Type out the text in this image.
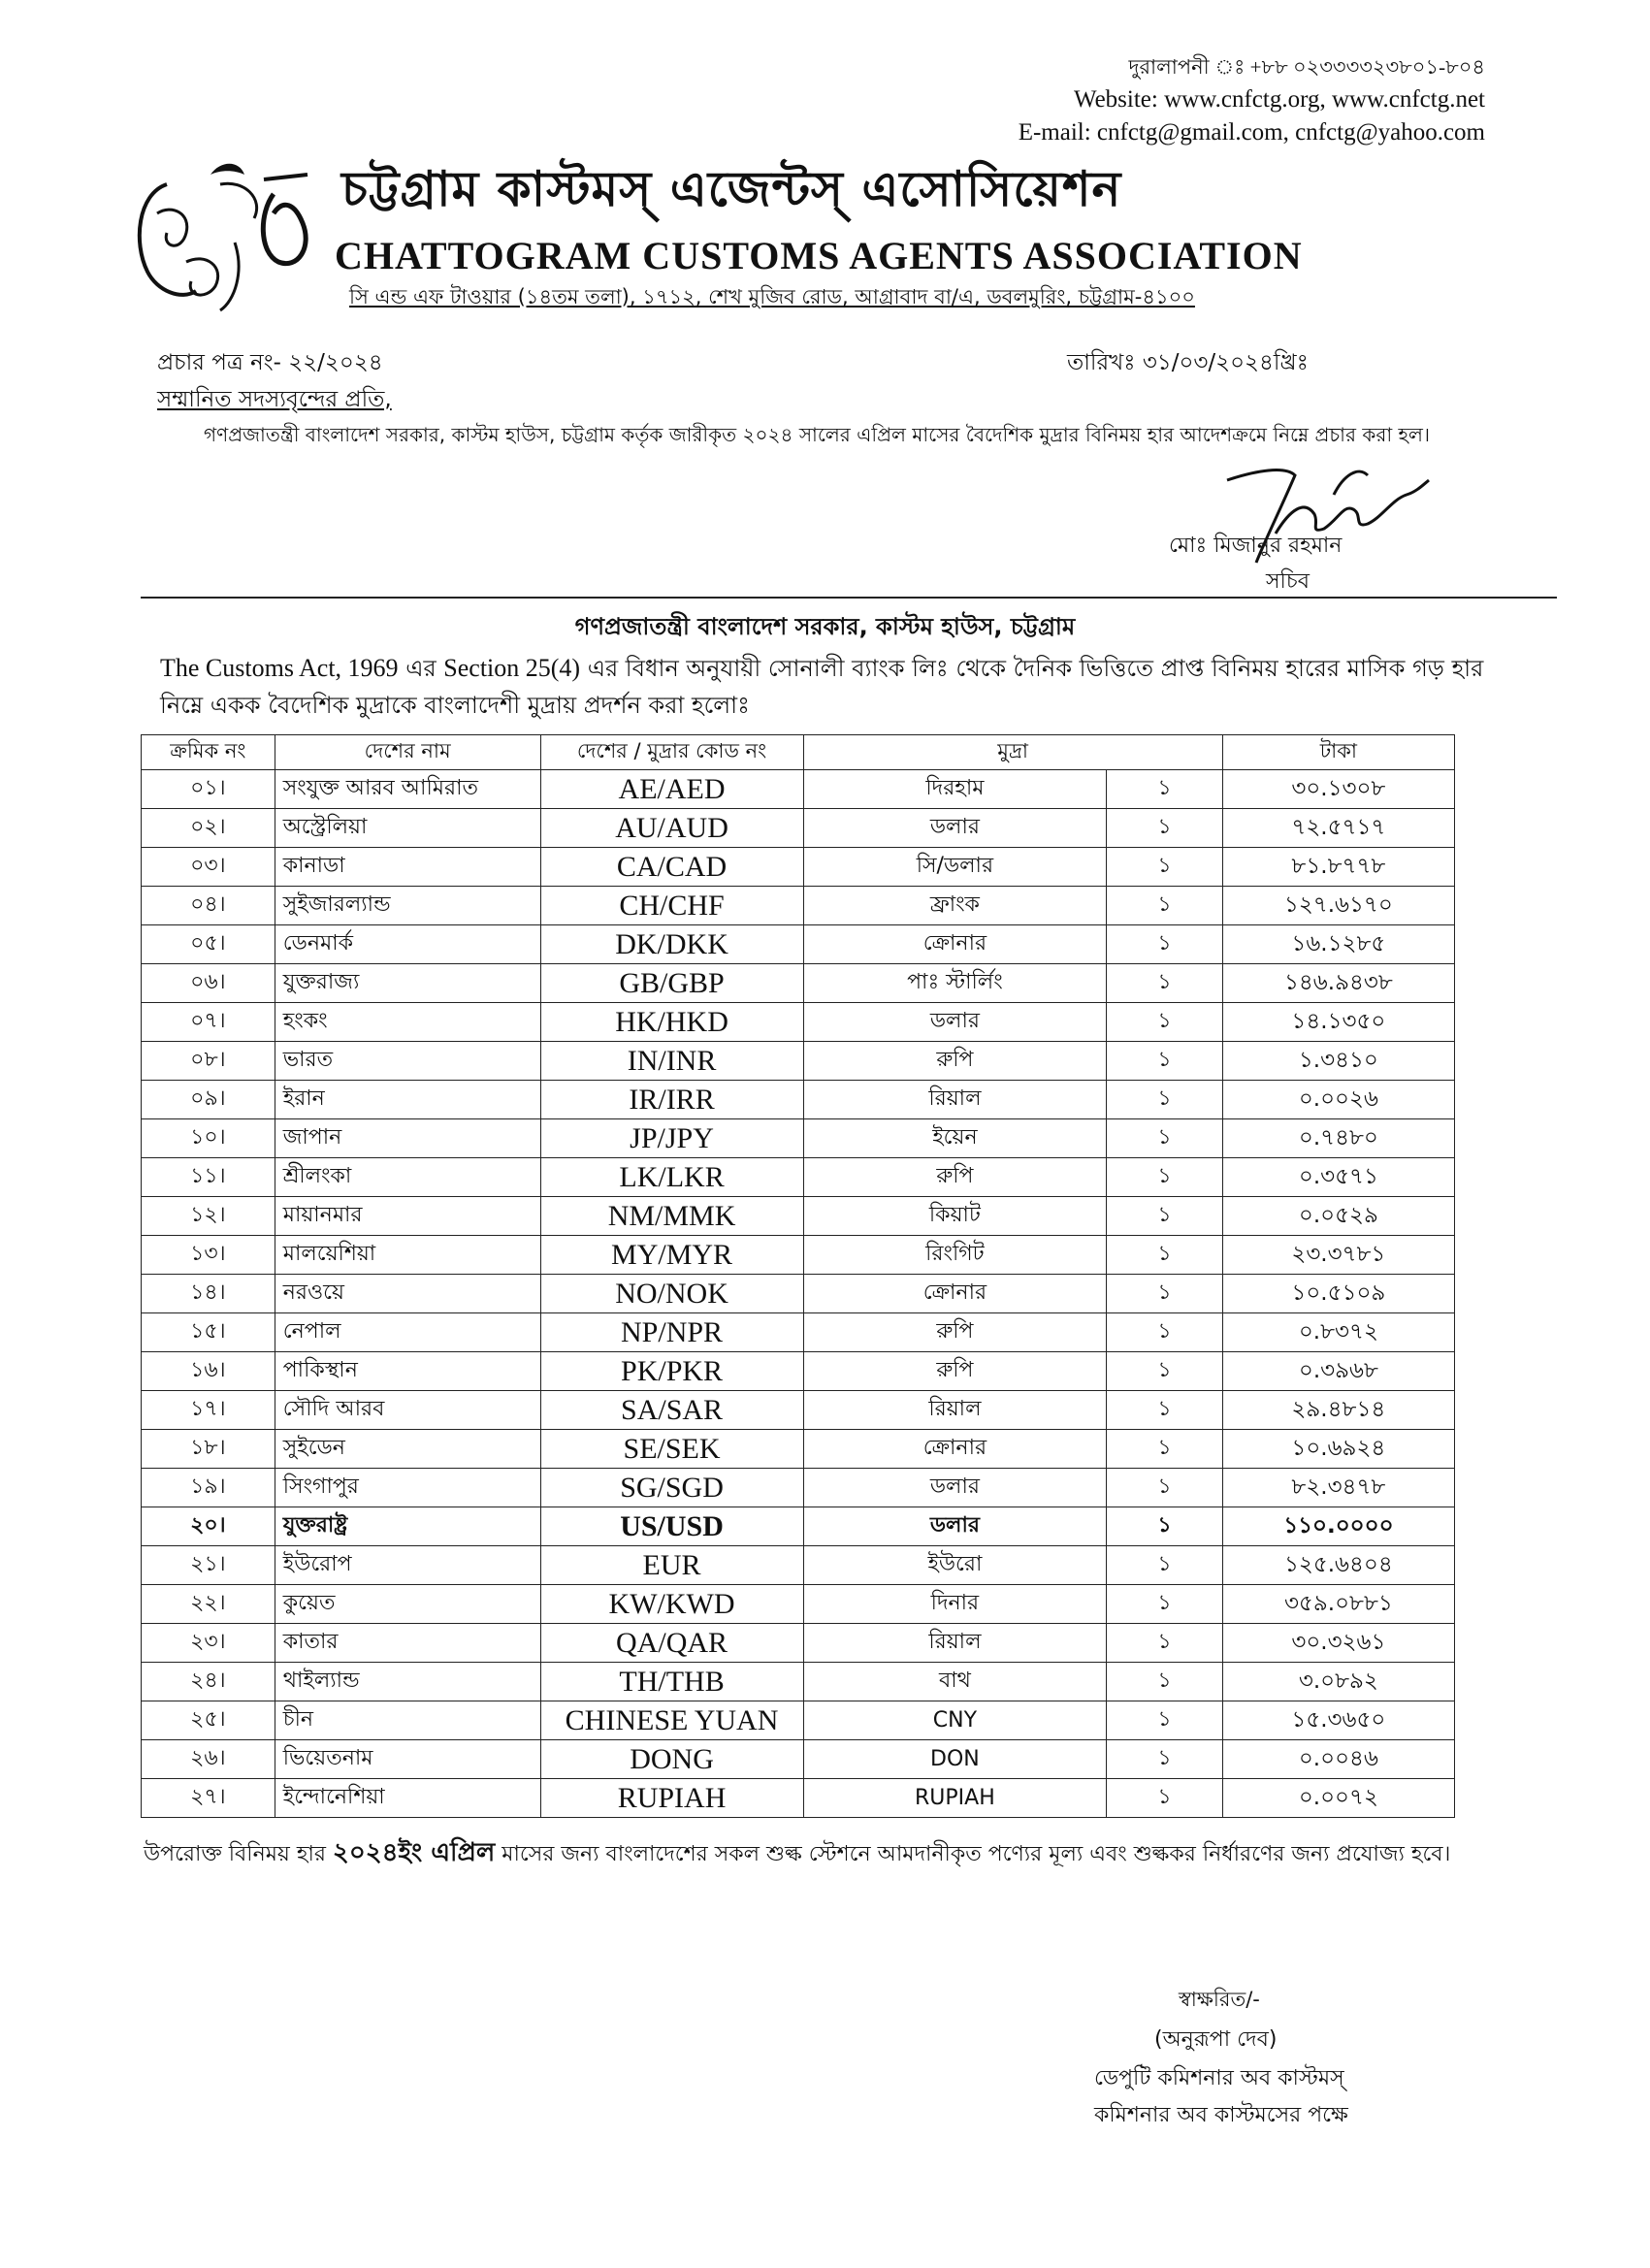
দুরালাপনী ঃ +৮৮ ০২৩৩৩৩২৩৮০১-৮০৪
Website: www.cnfctg.org, www.cnfctg.net
E-mail: cnfctg@gmail.com, cnfctg@yahoo.com
চট্টগ্রাম কাস্টমস্ এজেন্টস্ এসোসিয়েশন
CHATTOGRAM CUSTOMS AGENTS ASSOCIATION
সি এন্ড এফ টাওয়ার (১৪তম তলা), ১৭১২, শেখ মুজিব রোড, আগ্রাবাদ বা/এ, ডবলমুরিং, চট্টগ্রাম-৪১০০
প্রচার পত্র নং- ২২/২০২৪	তারিখঃ ৩১/০৩/২০২৪খ্রিঃ
সম্মানিত সদস্যবৃন্দের প্রতি,
গণপ্রজাতন্ত্রী বাংলাদেশ সরকার, কাস্টম হাউস, চট্টগ্রাম কর্তৃক জারীকৃত ২০২৪ সালের এপ্রিল মাসের বৈদেশিক মুদ্রার বিনিময় হার আদেশক্রমে নিম্নে প্রচার করা হল।
মোঃ মিজানুর রহমান
সচিব
গণপ্রজাতন্ত্রী বাংলাদেশ সরকার, কাস্টম হাউস, চট্টগ্রাম
The Customs Act, 1969 এর Section 25(4) এর বিধান অনুযায়ী সোনালী ব্যাংক লিঃ থেকে দৈনিক ভিত্তিতে প্রাপ্ত বিনিময় হারের মাসিক গড় হার নিম্নে একক বৈদেশিক মুদ্রাকে বাংলাদেশী মুদ্রায় প্রদর্শন করা হলোঃ
ক্রমিক নং	দেশের নাম	দেশের / মুদ্রার কোড নং	মুদ্রা		টাকা
০১।	সংযুক্ত আরব আমিরাত	AE/AED	দিরহাম	১	৩০.১৩০৮
০২।	অস্ট্রেলিয়া	AU/AUD	ডলার	১	৭২.৫৭১৭
০৩।	কানাডা	CA/CAD	সি/ডলার	১	৮১.৮৭৭৮
০৪।	সুইজারল্যান্ড	CH/CHF	ফ্রাংক	১	১২৭.৬১৭০
০৫।	ডেনমার্ক	DK/DKK	ক্রোনার	১	১৬.১২৮৫
০৬।	যুক্তরাজ্য	GB/GBP	পাঃ স্টার্লিং	১	১৪৬.৯৪৩৮
০৭।	হংকং	HK/HKD	ডলার	১	১৪.১৩৫০
০৮।	ভারত	IN/INR	রুপি	১	১.৩৪১০
০৯।	ইরান	IR/IRR	রিয়াল	১	০.০০২৬
১০।	জাপান	JP/JPY	ইয়েন	১	০.৭৪৮০
১১।	শ্রীলংকা	LK/LKR	রুপি	১	০.৩৫৭১
১২।	মায়ানমার	NM/MMK	কিয়াট	১	০.০৫২৯
১৩।	মালয়েশিয়া	MY/MYR	রিংগিট	১	২৩.৩৭৮১
১৪।	নরওয়ে	NO/NOK	ক্রোনার	১	১০.৫১০৯
১৫।	নেপাল	NP/NPR	রুপি	১	০.৮৩৭২
১৬।	পাকিস্থান	PK/PKR	রুপি	১	০.৩৯৬৮
১৭।	সৌদি আরব	SA/SAR	রিয়াল	১	২৯.৪৮১৪
১৮।	সুইডেন	SE/SEK	ক্রোনার	১	১০.৬৯২৪
১৯।	সিংগাপুর	SG/SGD	ডলার	১	৮২.৩৪৭৮
২০।	যুক্তরাষ্ট্র	US/USD	ডলার	১	১১০.০০০০
২১।	ইউরোপ	EUR	ইউরো	১	১২৫.৬৪০৪
২২।	কুয়েত	KW/KWD	দিনার	১	৩৫৯.০৮৮১
২৩।	কাতার	QA/QAR	রিয়াল	১	৩০.৩২৬১
২৪।	থাইল্যান্ড	TH/THB	বাথ	১	৩.০৮৯২
২৫।	চীন	CHINESE YUAN	CNY	১	১৫.৩৬৫০
২৬।	ভিয়েতনাম	DONG	DON	১	০.০০৪৬
২৭।	ইন্দোনেশিয়া	RUPIAH	RUPIAH	১	০.০০৭২
উপরোক্ত বিনিময় হার ২০২৪ইং এপ্রিল মাসের জন্য বাংলাদেশের সকল শুল্ক স্টেশনে আমদানীকৃত পণ্যের মূল্য এবং শুল্ককর নির্ধারণের জন্য প্রযোজ্য হবে।
স্বাক্ষরিত/-
(অনুরূপা দেব)
ডেপুটি কমিশনার অব কাস্টমস্
কমিশনার অব কাস্টমসের পক্ষে
